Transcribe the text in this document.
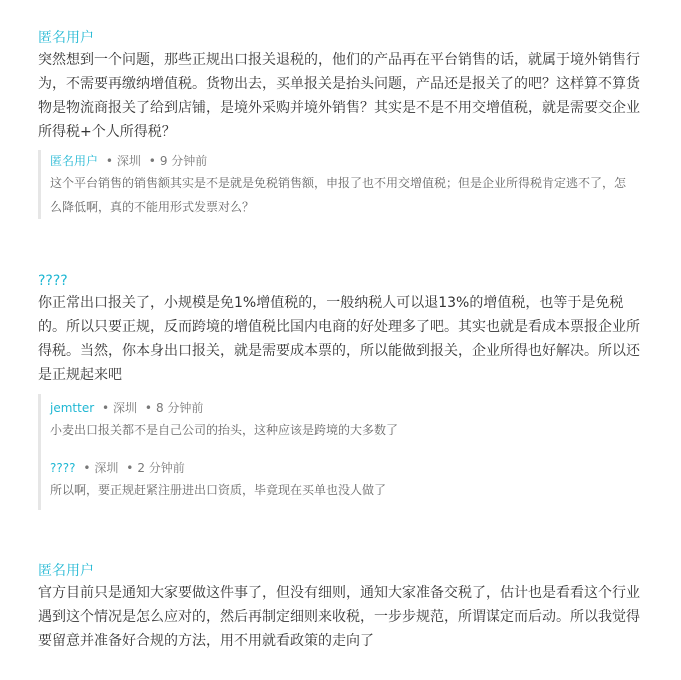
匿名用户
突然想到一个问题，那些正规出口报关退税的，他们的产品再在平台销售的话，就属于境外销售行为，不需要再缴纳增值税。货物出去，买单报关是抬头问题，产品还是报关了的吧？这样算不算货物是物流商报关了给到店铺，是境外采购并境外销售？其实是不是不用交增值税，就是需要交企业所得税+个人所得税？
匿名用户 • 深圳 • 9 分钟前
这个平台销售的销售额其实是不是就是免税销售额，申报了也不用交增值税；但是企业所得税肯定逃不了，怎么降低啊，真的不能用形式发票对么？
????
你正常出口报关了，小规模是免1%增值税的，一般纳税人可以退13%的增值税，也等于是免税的。所以只要正规，反而跨境的增值税比国内电商的好处理多了吧。其实也就是看成本票报企业所得税。当然，你本身出口报关，就是需要成本票的，所以能做到报关，企业所得也好解决。所以还是正规起来吧
jemtter • 深圳 • 8 分钟前
小麦出口报关都不是自己公司的抬头，这种应该是跨境的大多数了
???? • 深圳 • 2 分钟前
所以啊，要正规赶紧注册进出口资质，毕竟现在买单也没人做了
匿名用户
官方目前只是通知大家要做这件事了，但没有细则，通知大家准备交税了，估计也是看看这个行业遇到这个情况是怎么应对的，然后再制定细则来收税，一步步规范，所谓谋定而后动。所以我觉得要留意并准备好合规的方法，用不用就看政策的走向了
